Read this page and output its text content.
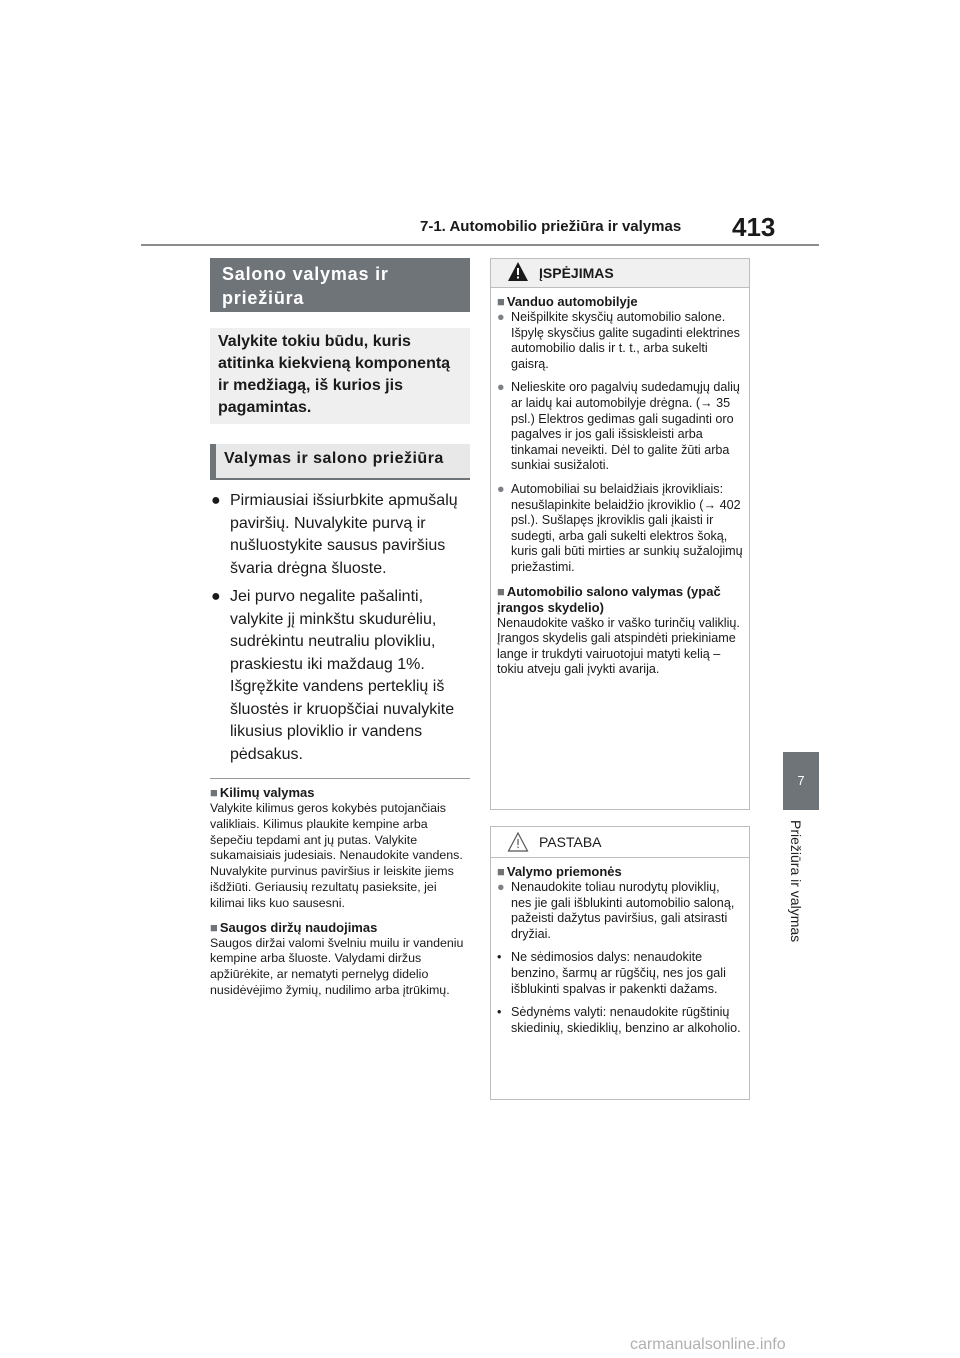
7-1. Automobilio priežiūra ir valymas 413
7
Priežiūra ir valymas
Salono valymas ir priežiūra
Valykite tokiu būdu, kuris atitinka kiekvieną komponentą ir medžiagą, iš kurios jis pagamintas.
Valymas ir salono priežiūra
● Pirmiausiai išsiurbkite apmušalų paviršių. Nuvalykite purvą ir nušluostykite sausus paviršius švaria drėgna šluoste.
● Jei purvo negalite pašalinti, valykite jį minkštu skudurėliu, sudrėkintu neutraliu plovikliu, praskiestu iki maždaug 1%. Išgręžkite vandens perteklių iš šluostės ir kruopščiai nuvalykite likusius ploviklio ir vandens pėdsakus.
■ Kilimų valymas
Valykite kilimus geros kokybės putojančiais valikliais. Kilimus plaukite kempine arba šepečiu tepdami ant jų putas. Valykite sukamaisiais judesiais. Nenaudokite vandens. Nuvalykite purvinus paviršius ir leiskite jiems išdžiūti. Geriausių rezultatų pasieksite, jei kilimai liks kuo sausesni.
■ Saugos diržų naudojimas
Saugos diržai valomi švelniu muilu ir vandeniu kempine arba šluoste. Valydami diržus apžiūrėkite, ar nematyti pernelyg didelio nusidėvėjimo žymių, nudilimo arba įtrūkimų.
ĮSPĖJIMAS
■ Vanduo automobilyje
● Neišpilkite skysčių automobilio salone. Išpylę skysčius galite sugadinti elektrines automobilio dalis ir t. t., arba sukelti gaisrą.
● Nelieskite oro pagalvių sudedamųjų dalių ar laidų kai automobilyje drėgna. (→ 35 psl.) Elektros gedimas gali sugadinti oro pagalves ir jos gali išsiskleisti arba tinkamai neveikti. Dėl to galite žūti arba sunkiai susižaloti.
● Automobiliai su belaidžiais įkrovikliais: nesušlapinkite belaidžio įkroviklio (→ 402 psl.). Sušlapęs įkroviklis gali įkaisti ir sudegti, arba gali sukelti elektros šoką, kuris gali būti mirties ar sunkių sužalojimų priežastimi.
■ Automobilio salono valymas (ypač įrangos skydelio)
Nenaudokite vaško ir vaško turinčių valiklių. Įrangos skydelis gali atspindėti priekiniame lange ir trukdyti vairuotojui matyti kelią – tokiu atveju gali įvykti avarija.
PASTABA
■ Valymo priemonės
● Nenaudokite toliau nurodytų ploviklių, nes jie gali išblukinti automobilio saloną, pažeisti dažytus paviršius, gali atsirasti dryžiai.
• Ne sėdimosios dalys: nenaudokite benzino, šarmų ar rūgščių, nes jos gali išblukinti spalvas ir pakenkti dažams.
• Sėdynėms valyti: nenaudokite rūgštinių skiedinių, skiediklių, benzino ar alkoholio.
carmanualsonline.info
